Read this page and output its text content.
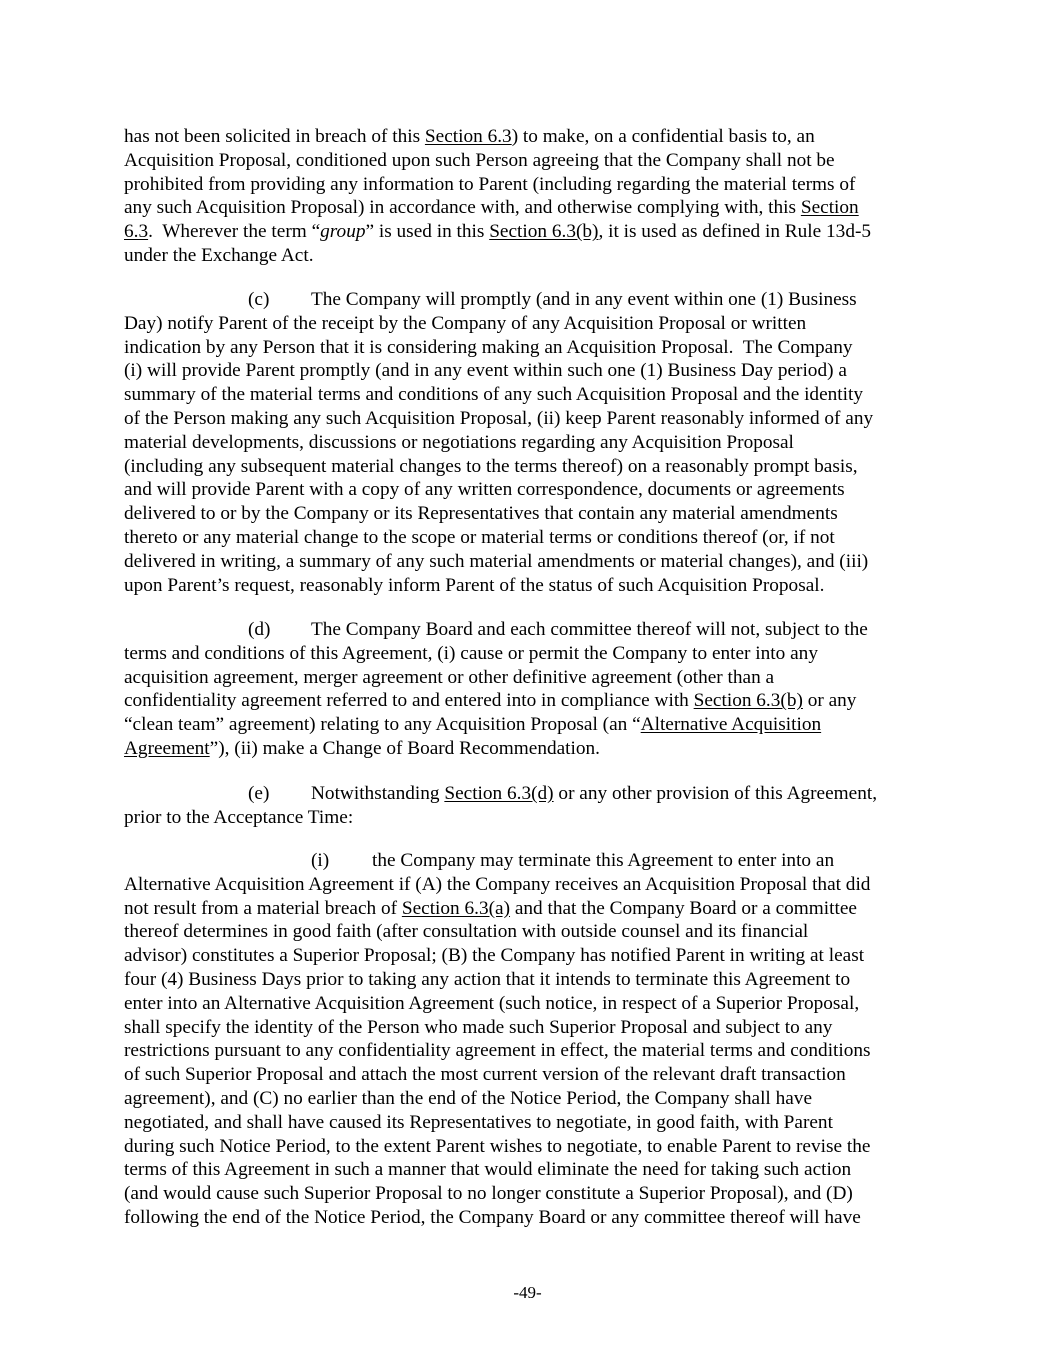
has not been solicited in breach of this Section 6.3) to make, on a confidential basis to, an
Acquisition Proposal, conditioned upon such Person agreeing that the Company shall not be
prohibited from providing any information to Parent (including regarding the material terms of
any such Acquisition Proposal) in accordance with, and otherwise complying with, this Section
6.3.  Wherever the term “group” is used in this Section 6.3(b), it is used as defined in Rule 13d-5
under the Exchange Act.
(c) The Company will promptly (and in any event within one (1) Business
Day) notify Parent of the receipt by the Company of any Acquisition Proposal or written
indication by any Person that it is considering making an Acquisition Proposal.  The Company
(i) will provide Parent promptly (and in any event within such one (1) Business Day period) a
summary of the material terms and conditions of any such Acquisition Proposal and the identity
of the Person making any such Acquisition Proposal, (ii) keep Parent reasonably informed of any
material developments, discussions or negotiations regarding any Acquisition Proposal
(including any subsequent material changes to the terms thereof) on a reasonably prompt basis,
and will provide Parent with a copy of any written correspondence, documents or agreements
delivered to or by the Company or its Representatives that contain any material amendments
thereto or any material change to the scope or material terms or conditions thereof (or, if not
delivered in writing, a summary of any such material amendments or material changes), and (iii)
upon Parent’s request, reasonably inform Parent of the status of such Acquisition Proposal.
(d) The Company Board and each committee thereof will not, subject to the
terms and conditions of this Agreement, (i) cause or permit the Company to enter into any
acquisition agreement, merger agreement or other definitive agreement (other than a
confidentiality agreement referred to and entered into in compliance with Section 6.3(b) or any
“clean team” agreement) relating to any Acquisition Proposal (an “Alternative Acquisition
Agreement”), (ii) make a Change of Board Recommendation.
(e) Notwithstanding Section 6.3(d) or any other provision of this Agreement,
prior to the Acceptance Time:
(i) the Company may terminate this Agreement to enter into an
Alternative Acquisition Agreement if (A) the Company receives an Acquisition Proposal that did
not result from a material breach of Section 6.3(a) and that the Company Board or a committee
thereof determines in good faith (after consultation with outside counsel and its financial
advisor) constitutes a Superior Proposal; (B) the Company has notified Parent in writing at least
four (4) Business Days prior to taking any action that it intends to terminate this Agreement to
enter into an Alternative Acquisition Agreement (such notice, in respect of a Superior Proposal,
shall specify the identity of the Person who made such Superior Proposal and subject to any
restrictions pursuant to any confidentiality agreement in effect, the material terms and conditions
of such Superior Proposal and attach the most current version of the relevant draft transaction
agreement), and (C) no earlier than the end of the Notice Period, the Company shall have
negotiated, and shall have caused its Representatives to negotiate, in good faith, with Parent
during such Notice Period, to the extent Parent wishes to negotiate, to enable Parent to revise the
terms of this Agreement in such a manner that would eliminate the need for taking such action
(and would cause such Superior Proposal to no longer constitute a Superior Proposal), and (D)
following the end of the Notice Period, the Company Board or any committee thereof will have
-49-
